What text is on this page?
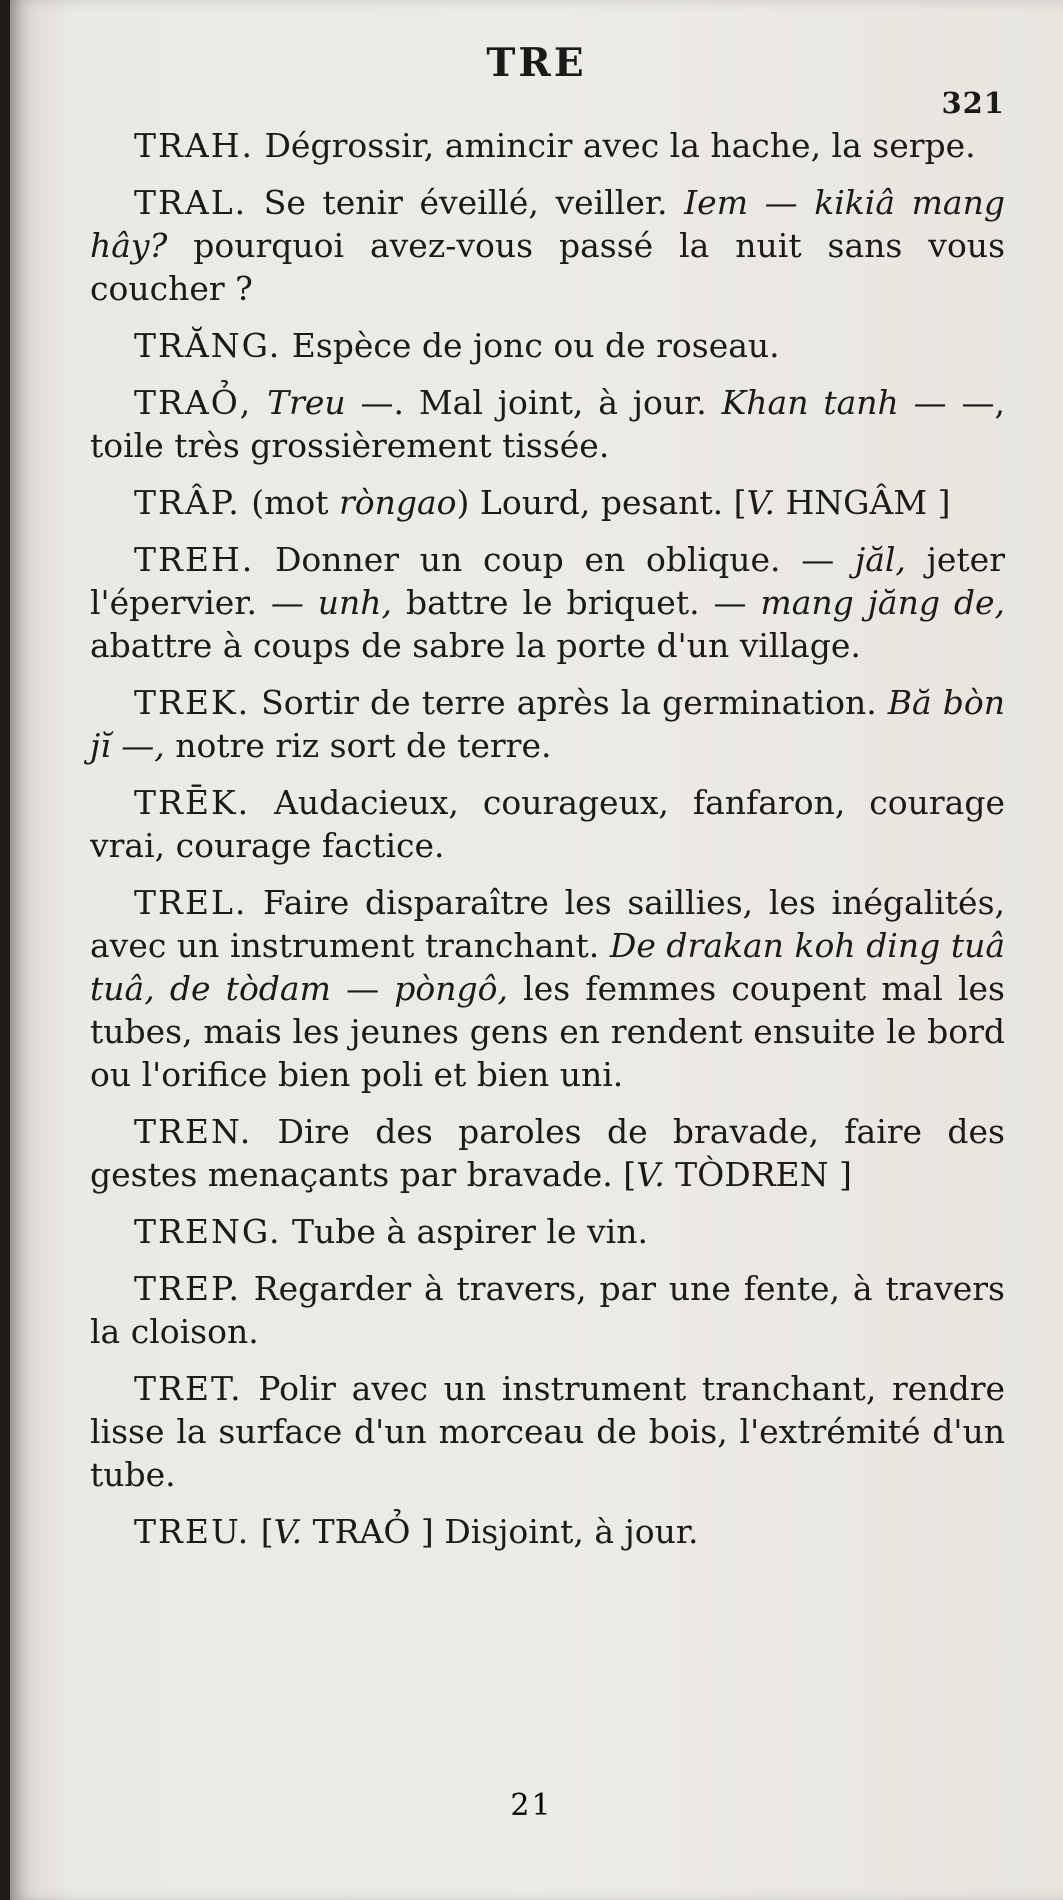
TRE
321

TRAH. Dégrossir, amincir avec la hache, la serpe.

TRAL. Se tenir éveillé, veiller. Iem — kikiâ mang hây? pourquoi avez-vous passé la nuit sans vous coucher ?

TRĂNG. Espèce de jonc ou de roseau.

TRAỎ, Treu —. Mal joint, à jour. Khan tanh — —, toile très grossièrement tissée.

TRÂP. (mot ròngao) Lourd, pesant. [V. HNGÂM ]

TREH. Donner un coup en oblique. — jăl, jeter l'épervier. — unh, battre le briquet. — mang jăng de, abattre à coups de sabre la porte d'un village.

TREK. Sortir de terre après la germination. Bă bòn jĭ —, notre riz sort de terre.

TRĒK. Audacieux, courageux, fanfaron, courage vrai, courage factice.

TREL. Faire disparaître les saillies, les inégalités, avec un instrument tranchant. De drakan koh ding tuâ tuâ, de tòdam — pòngô, les femmes coupent mal les tubes, mais les jeunes gens en rendent ensuite le bord ou l'orifice bien poli et bien uni.

TREN. Dire des paroles de bravade, faire des gestes menaçants par bravade. [V. TÒDREN ]

TRENG. Tube à aspirer le vin.

TREP. Regarder à travers, par une fente, à travers la cloison.

TRET. Polir avec un instrument tranchant, rendre lisse la surface d'un morceau de bois, l'extrémité d'un tube.

TREU. [V. TRAỎ ] Disjoint, à jour.

21
